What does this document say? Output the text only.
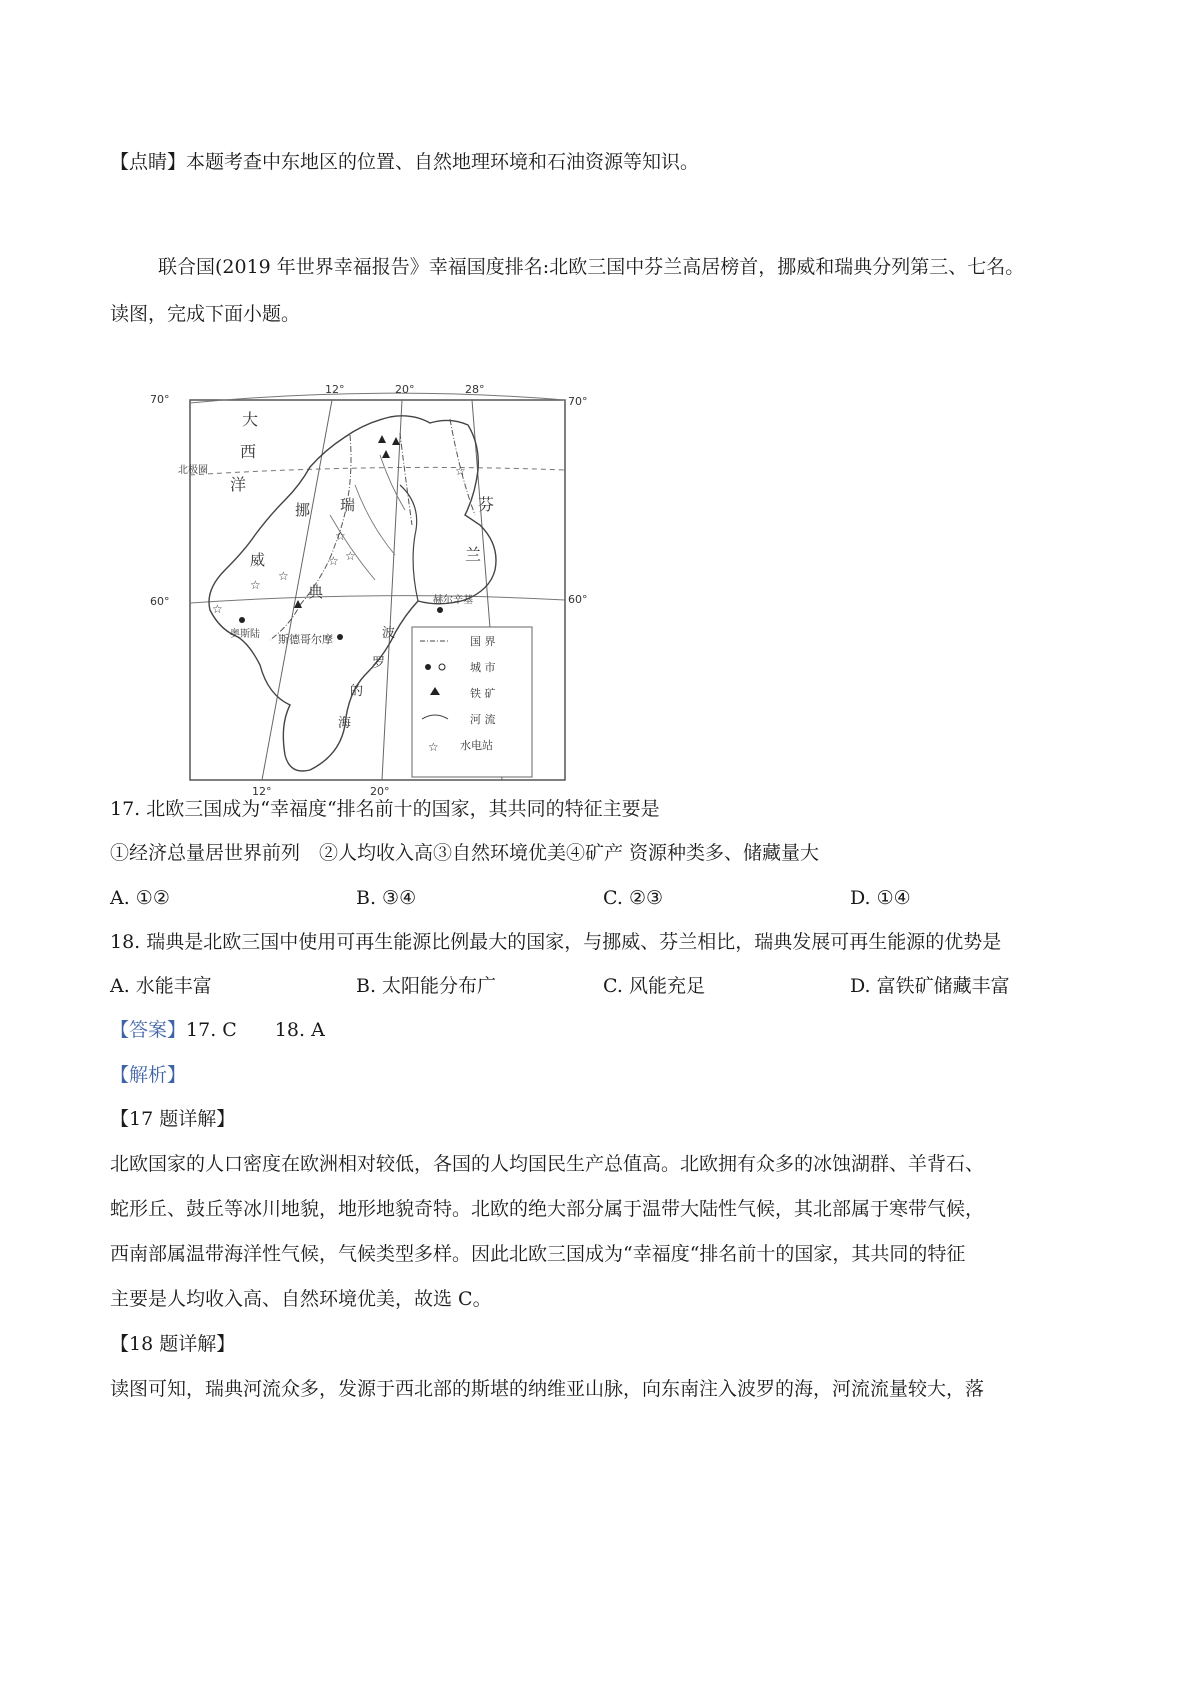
【点睛】本题考查中东地区的位置、自然地理环境和石油资源等知识。
联合国(2019 年世界幸福报告》幸福国度排名:北欧三国中芬兰高居榜首，挪威和瑞典分列第三、七名。
读图，完成下面小题。
☆
☆
☆
☆
☆
☆
☆
12°	20°	28°
70°	70°
60°	60°
12°	20°
大
西
洋
北极圈
挪
威
瑞
典
芬
兰
赫尔辛基
斯德哥尔摩
奥斯陆	波
罗
的
海
国 界
城 市
铁 矿
河 流
☆ 水电站
17. 北欧三国成为“幸福度“排名前十的国家，其共同的特征主要是
①经济总量居世界前列　②人均收入高③自然环境优美④矿产 资源种类多、储藏量大
A. ①②	B. ③④	C. ②③	D. ①④
18. 瑞典是北欧三国中使用可再生能源比例最大的国家，与挪威、芬兰相比，瑞典发展可再生能源的优势是
A. 水能丰富	B. 太阳能分布广	C. 风能充足	D. 富铁矿储藏丰富
【答案】17. C　　18. A
【解析】
【17 题详解】
北欧国家的人口密度在欧洲相对较低，各国的人均国民生产总值高。北欧拥有众多的冰蚀湖群、羊背石、
蛇形丘、鼓丘等冰川地貌，地形地貌奇特。北欧的绝大部分属于温带大陆性气候，其北部属于寒带气候，
西南部属温带海洋性气候，气候类型多样。因此北欧三国成为“幸福度“排名前十的国家，其共同的特征
主要是人均收入高、自然环境优美，故选 C。
【18 题详解】
读图可知，瑞典河流众多，发源于西北部的斯堪的纳维亚山脉，向东南注入波罗的海，河流流量较大，落
